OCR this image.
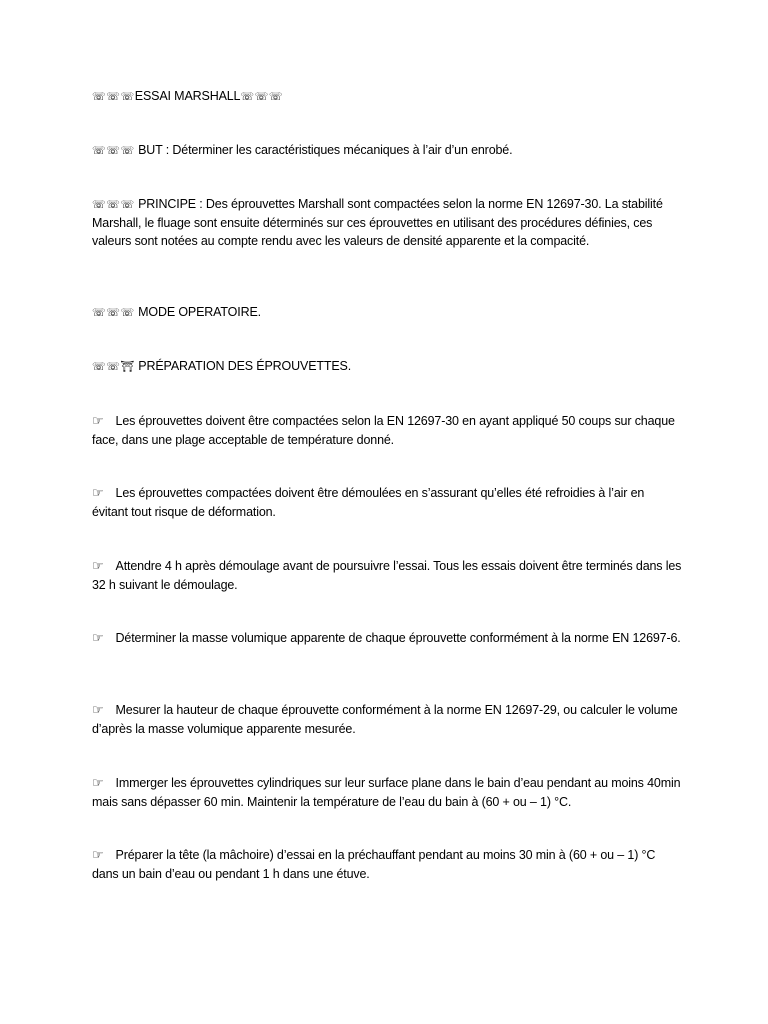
☏☏☏ESSAI MARSHALL☏☏☏

☏☏☏ BUT : Déterminer les caractéristiques mécaniques à l’air d’un enrobé.

☏☏☏ PRINCIPE : Des éprouvettes Marshall sont compactées selon la norme EN 12697-30. La stabilité Marshall, le fluage sont ensuite déterminés sur ces éprouvettes en utilisant des procédures définies, ces valeurs sont notées au compte rendu avec les valeurs de densité apparente et la compacité.

☏☏☏ MODE OPERATOIRE.

☏☏⛩ PRÉPARATION DES ÉPROUVETTES.

☞ Les éprouvettes doivent être compactées selon la EN 12697-30 en ayant appliqué 50 coups sur chaque face, dans une plage acceptable de température donné.

☞ Les éprouvettes compactées doivent être démoulées en s’assurant qu’elles été refroidies à l’air en évitant tout risque de déformation.

☞ Attendre 4 h après démoulage avant de poursuivre l’essai. Tous les essais doivent être terminés dans les 32 h suivant le démoulage.

☞ Déterminer la masse volumique apparente de chaque éprouvette conformément à la norme EN 12697-6.

☞ Mesurer la hauteur de chaque éprouvette conformément à la norme EN 12697-29, ou calculer le volume d’après la masse volumique apparente mesurée.

☞ Immerger les éprouvettes cylindriques sur leur surface plane dans le bain d’eau pendant au moins 40min mais sans dépasser 60 min. Maintenir la température de l’eau du bain à (60 + ou – 1) °C.

☞ Préparer la tête (la mâchoire) d’essai en la préchauffant pendant au moins 30 min à (60 + ou – 1) °C dans un bain d’eau ou pendant 1 h dans une étuve.
